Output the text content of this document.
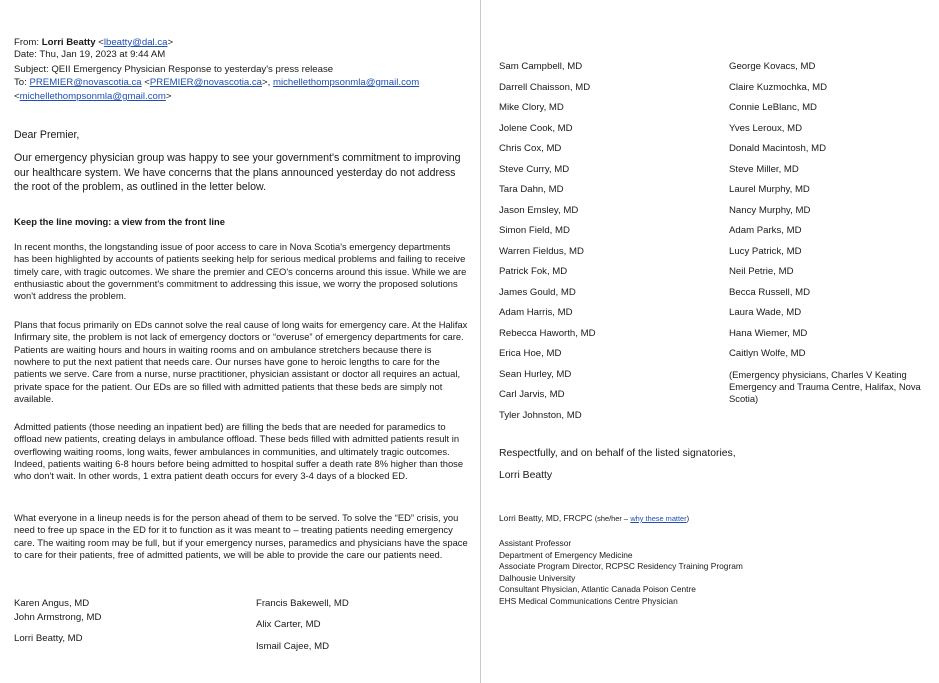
From: Lorri Beatty <lbeatty@dal.ca>
Date: Thu, Jan 19, 2023 at 9:44 AM
Subject: QEII Emergency Physician Response to yesterday's press release
To: PREMIER@novascotia.ca <PREMIER@novascotia.ca>, michellethompsonmla@gmail.com
<michellethompsonmla@gmail.com>

Dear Premier,

Our emergency physician group was happy to see your government's commitment to improving our healthcare system. We have concerns that the plans announced yesterday do not address the root of the problem, as outlined in the letter below.

Keep the line moving: a view from the front line

In recent months, the longstanding issue of poor access to care in Nova Scotia's emergency departments has been highlighted by accounts of patients seeking help for serious medical problems and failing to receive timely care, with tragic outcomes. We share the premier and CEO's concerns around this issue. While we are enthusiastic about the government's commitment to addressing this issue, we worry the proposed solutions won't address the problem.

Plans that focus primarily on EDs cannot solve the real cause of long waits for emergency care. At the Halifax Infirmary site, the problem is not lack of emergency doctors or “overuse” of emergency departments for care. Patients are waiting hours and hours in waiting rooms and on ambulance stretchers because there is nowhere to put the next patient that needs care. Our nurses have gone to heroic lengths to care for the patients we serve. Care from a nurse, nurse practitioner, physician assistant or doctor all requires an actual, private space for the patient. Our EDs are so filled with admitted patients that these beds are simply not available.

Admitted patients (those needing an inpatient bed) are filling the beds that are needed for paramedics to offload new patients, creating delays in ambulance offload. These beds filled with admitted patients result in overflowing waiting rooms, long waits, fewer ambulances in communities, and ultimately tragic outcomes. Indeed, patients waiting 6-8 hours before being admitted to hospital suffer a death rate 8% higher than those who don't wait. In other words, 1 extra patient death occurs for every 3-4 days of a blocked ED.

What everyone in a lineup needs is for the person ahead of them to be served. To solve the “ED” crisis, you need to free up space in the ED for it to function as it was meant to – treating patients needing emergency care. The waiting room may be full, but if your emergency nurses, paramedics and physicians have the space to care for their patients, free of admitted patients, we will be able to provide the care our patients need.

Karen Angus, MD
John Armstrong, MD
Lorri Beatty, MD
Francis Bakewell, MD
Alix Carter, MD
Ismail Cajee, MD
Sam Campbell, MD
Darrell Chaisson, MD
Mike Clory, MD
Jolene Cook, MD
Chris Cox, MD
Steve Curry, MD
Tara Dahn, MD
Jason Emsley, MD
Simon Field, MD
Warren Fieldus, MD
Patrick Fok, MD
James Gould, MD
Adam Harris, MD
Rebecca Haworth, MD
Erica Hoe, MD
Sean Hurley, MD
Carl Jarvis, MD
Tyler Johnston, MD
George Kovacs, MD
Claire Kuzmochka, MD
Connie LeBlanc, MD
Yves Leroux, MD
Donald Macintosh, MD
Steve Miller, MD
Laurel Murphy, MD
Nancy Murphy, MD
Adam Parks, MD
Lucy Patrick, MD
Neil Petrie, MD
Becca Russell, MD
Laura Wade, MD
Hana Wiemer, MD
Caitlyn Wolfe, MD
(Emergency physicians, Charles V Keating Emergency and Trauma Centre, Halifax, Nova Scotia)
Respectfully, and on behalf of the listed signatories,
Lorri Beatty
Lorri Beatty, MD, FRCPC (she/her – why these matter)
Assistant Professor
Department of Emergency Medicine
Associate Program Director, RCPSC Residency Training Program
Dalhousie University
Consultant Physician, Atlantic Canada Poison Centre
EHS Medical Communications Centre Physician
